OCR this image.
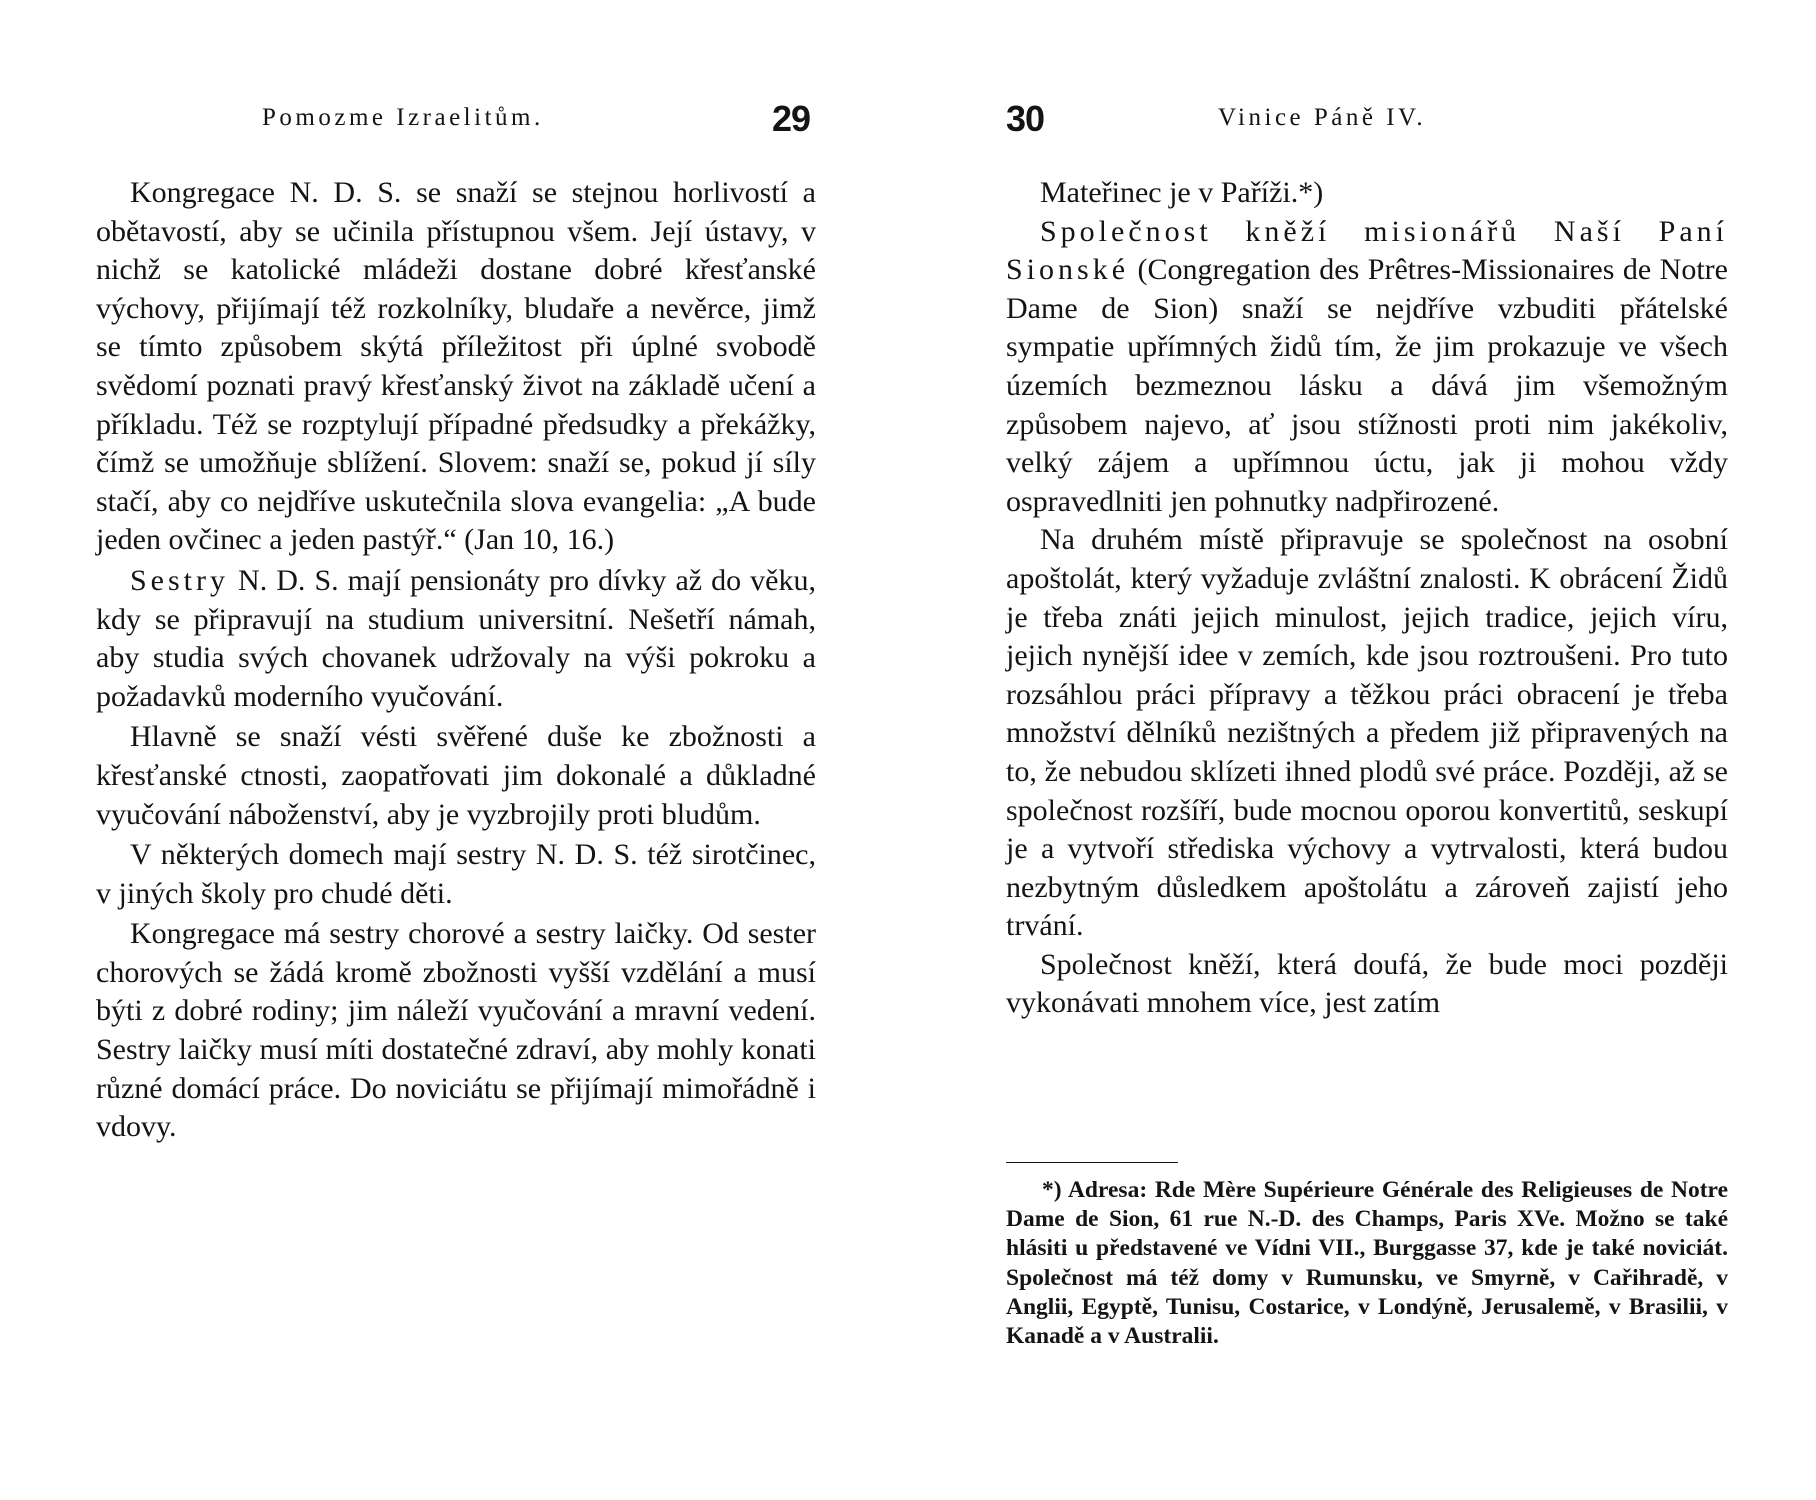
Pomozme Izraelitům.	29

Kongregace N. D. S. se snaží se stejnou horlivostí a obětavostí, aby se učinila přístupnou všem. Její ústavy, v nichž se katolické mládeži dostane dobré křesťanské výchovy, přijímají též rozkolníky, bludaře a nevěrce, jimž se tímto způsobem skýtá příležitost při úplné svobodě svědomí poznati pravý křesťanský život na základě učení a příkladu. Též se rozptylují případné předsudky a překážky, čímž se umožňuje sblížení. Slovem: snaží se, pokud jí síly stačí, aby co nejdříve uskutečnila slova evangelia: „A bude jeden ovčinec a jeden pastýř.“ (Jan 10, 16.)

Sestry N. D. S. mají pensionáty pro dívky až do věku, kdy se připravují na studium universitní. Nešetří námah, aby studia svých chovanek udržovaly na výši pokroku a požadavků moderního vyučování.

Hlavně se snaží vésti svěřené duše ke zbožnosti a křesťanské ctnosti, zaopatřovati jim dokonalé a důkladné vyučování náboženství, aby je vyzbrojily proti bludům.

V některých domech mají sestry N. D. S. též sirotčinec, v jiných školy pro chudé děti.

Kongregace má sestry chorové a sestry laičky. Od sester chorových se žádá kromě zbožnosti vyšší vzdělání a musí býti z dobré rodiny; jim náleží vyučování a mravní vedení. Sestry laičky musí míti dostatečné zdraví, aby mohly konati různé domácí práce. Do noviciátu se přijímají mimořádně i vdovy.

30	Vinice Páně IV.

Mateřinec je v Paříži.*)

Společnost kněží misionářů Naší Paní Sionské (Congregation des Prêtres-Missionaires de Notre Dame de Sion) snaží se nejdříve vzbuditi přátelské sympatie upřímných židů tím, že jim prokazuje ve všech územích bezmeznou lásku a dává jim všemožným způsobem najevo, ať jsou stížnosti proti nim jakékoliv, velký zájem a upřímnou úctu, jak ji mohou vždy ospravedlniti jen pohnutky nadpřirozené.

Na druhém místě připravuje se společnost na osobní apoštolát, který vyžaduje zvláštní znalosti. K obrácení Židů je třeba znáti jejich minulost, jejich tradice, jejich víru, jejich nynější idee v zemích, kde jsou roztroušeni. Pro tuto rozsáhlou práci přípravy a těžkou práci obracení je třeba množství dělníků nezištných a předem již připravených na to, že nebudou sklízeti ihned plodů své práce. Později, až se společnost rozšíří, bude mocnou oporou konvertitů, seskupí je a vytvoří střediska výchovy a vytrvalosti, která budou nezbytným důsledkem apoštolátu a zároveň zajistí jeho trvání.

Společnost kněží, která doufá, že bude moci později vykonávati mnohem více, jest zatím

*) Adresa: Rde Mère Supérieure Générale des Religieuses de Notre Dame de Sion, 61 rue N.-D. des Champs, Paris XVe. Možno se také hlásiti u představené ve Vídni VII., Burggasse 37, kde je také noviciát. Společnost má též domy v Rumunsku, ve Smyrně, v Cařihradě, v Anglii, Egyptě, Tunisu, Costarice, v Londýně, Jerusalemě, v Brasilii, v Kanadě a v Australii.
